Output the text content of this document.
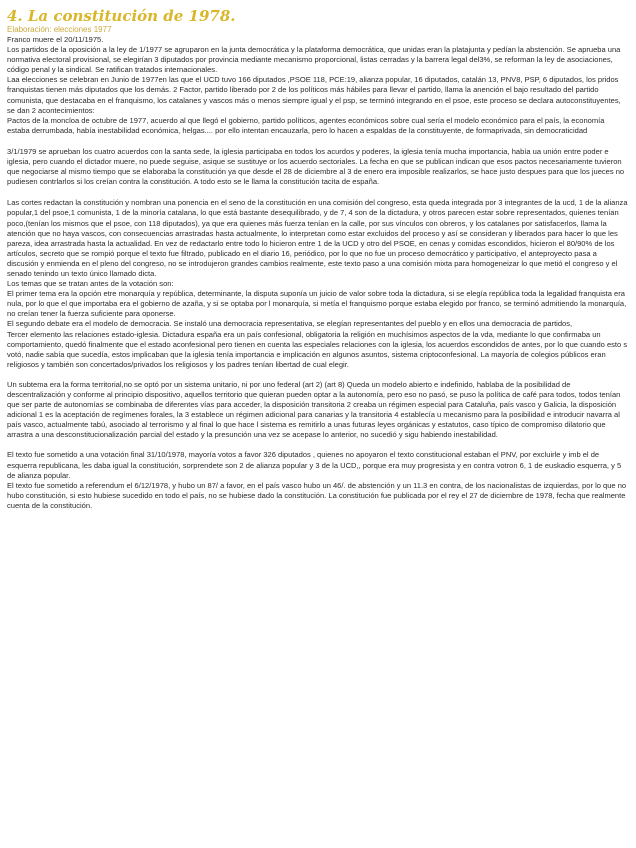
4. La constitución de 1978.
Elaboración: elecciones 1977

Franco muere el 20/11/1975.

Los partidos de la oposición a la ley de 1/1977 se agruparon en la junta democrática y la plataforma democrática, que unidas eran la platajunta y pedían la abstención. Se aprueba una normativa electoral provisional, se elegirían 3 diputados por provincia mediante mecanismo proporcional, listas cerradas y la barrera legal del3%, se reforman la ley de asociaciones, código penal y la sindical. Se ratifican tratados internacionales.

Laa elecciones se celebran en Junio de 1977en las que el UCD tuvo 166 diputados ,PSOE 118, PCE:19, alianza popular, 16 diputados, catalán 13, PNV8, PSP, 6 diputados, los pridos franquistas tienen más diputados que los demás. 2 Factor, partido liberado por 2 de los políticos más hábiles para llevar el partido, llama la anención el bajo resultado del partido comunista, que destacaba en el franquismo, los catalanes y vascos más o menos siempre igual y el psp, se terminó integrando en el psoe, este proceso se declara autoconstituyentes, se dan 2 acontecimientos:

Pactos de la moncloa de octubre de 1977, acuerdo al que llegó el gobierno, partido políticos, agentes económicos sobre cual sería el modelo económico para el país, la economía estaba derrumbada, había inestabilidad económica, helgas.... por ello intentan encauzarla, pero lo hacen a espaldas de la constituyente, de formaprivada, sin democraticidad

3/1/1979 se aprueban los cuatro acuerdos con la santa sede, la iglesia participaba en todos los acurdos y poderes, la iglesia tenía mucha importancia, había ua unión entre poder e iglesia, pero cuando el dictador muere, no puede seguise, asique se sustituye or los acuerdo sectoriales. La fecha en que se publican indican que esos pactos necesariamente tuvieron que negociarse al mismo tiempo que se elaboraba la constitución ya que desde el 28 de diciembre al 3 de enero era imposible realizarlos, se hace justo despues para que los jueces no pudiesen contrlarlos si los creían contra la constitución. A todo esto se le llama la constitución tacita de españa.

Las cortes redactan la constitución y nombran una ponencia en el seno de la constitución en una comisión del congreso, esta queda integrada por 3 integrantes de la ucd, 1 de la alianza popular,1 del psoe,1 comunista, 1 de la minoría catalana, lo que está bastante desequilibrado, y de 7, 4 son de la dictadura, y otros parecen estar sobre representados, quienes tenían poco,(tenían los mismos que el psoe, con 118 diputados), ya que era quienes más fuerza tenían en la calle, por sus vínculos con obreros, y los catalanes por satisfacerlos, llama la atención que no haya vascos, con consecuencias arrastradas hasta actualmente, lo interpretan como estar excluidos del proceso y así se consideran y liberados para hacer lo que les pareza, idea arrastrada hasta la actualidad. En vez de redactarlo entre todo lo hicieron entre 1 de la UCD y otro del PSOE, en cenas y comidas escondidos, hicieron el 80/90% de los artículos, secreto que se rompió porque el texto fue filtrado, publicado en el diario 16, periódico, por lo que no fue un proceso democrático y participativo, el anteproyecto pasa a discusión y enmienda en el pleno del congreso, no se introdujeron grandes cambios realmente, este texto paso a una comisión mixta para homogeneizar lo que metió el congreso y el senado tenindo un texto único llamado dicta.

Los temas que se tratan antes de la votación son:

El primer tema era la opción etre monarquía y república, determinante, la disputa suponía un juicio de valor sobre toda la dictadura, si se elegía república toda la legalidad franquista era nula, por lo que el que importaba era el gobierno de azaña, y si se optaba por l monarquía, si metía el franquismo porque estaba elegido por franco, se terminó admitiendo la monarquía, no creían tener la fuerza suficiente para oponerse.

El segundo debate era el modelo de democracia. Se instaló una democracia representativa, se elegían representantes del pueblo y en ellos una democracia de partidos,

Tercer elemento las relaciones estado-iglesia. Dictadura españa era un país confesional, obligatoria la religión en muchísimos aspectos de la vda, mediante lo que confirmaba un comportamiento, quedó finalmente que el estado aconfesional pero tienen en cuenta las especiales relaciones con la iglesia, los acuerdos escondidos de antes, por lo que cuando esto s votó, nadie sabía que sucedía, estos implicaban que la iglesia tenía importancia e implicación en algunos asuntos, sistema criptoconfesional. La mayoría de colegios públicos eran religiosos y también son concertados/privados los religiosos y los padres tenían libertad de cual elegir.

Un subtema era la forma territorial,no se optó por un sistema unitario, ni por uno federal (art 2) (art 8) Queda un modelo abierto e indefinido, hablaba de la posibilidad de descentralización y conforme al principio dispositivo, aquellos territorio que quieran pueden optar a la autonomía, pero eso no pasó, se puso la política de café para todos, todos tenían que ser parte de autonomías se combinaba de diferentes vías para acceder, la disposición transitoria 2 creaba un régimen especial para Cataluña, país vasco y Galicia, la disposición adicional 1 es la aceptación de regímenes forales, la 3 establece un régimen adicional para canarias y la transitoria 4 establecía u mecanismo para la posibilidad e introducir navarra al país vasco, actualmente tabú, asociado al terrorismo y al final lo que hace l sistema es remitirlo a unas futuras leyes orgánicas y estatutos, caso típico de compromiso dilatorio que arrastra a una desconstitucionalización parcial del estado y la presunción una vez se acepase lo anterior, no sucedió y sigu habiendo inestabilidad.

El texto fue sometido a una votación final 31/10/1978, mayoría votos a favor 326 diputados , quienes no apoyaron el texto constitucional estaban el PNV, por excluirle y imb el de esquerra republicana, les daba igual la constitución, sorprendete son 2 de alianza popular y 3 de la UCD,, porque era muy progresista y en contra votron 6, 1 de euskadio esquerra, y 5 de alianza popular.

El texto fue sometido a referendum el 6/12/1978, y hubo un 87/ a favor, en el país vasco hubo un 46/. de abstención y un 11.3 en contra, de los nacionalistas de izquierdas, por lo que no hubo constitución, si esto hubiese sucedido en todo el país, no se hubiese dado la constitución. La constitución fue publicada por el rey el 27 de diciembre de 1978, fecha que realmente cuenta de la constitución.
